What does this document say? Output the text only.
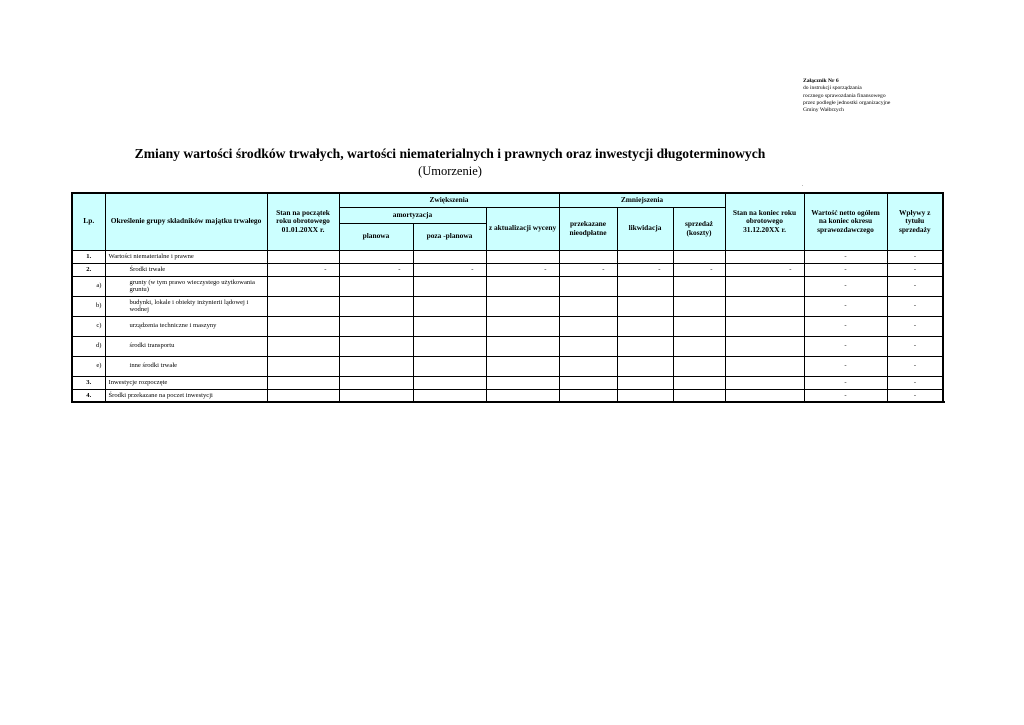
Załącznik Nr 6
do instrukcji sporządzania
rocznego sprawozdania finansowego
przez podległe jednostki organizacyjne
Gminy Wałbrzych
Zmiany wartości środków trwałych, wartości niematerialnych i prawnych oraz inwestycji długoterminowych
(Umorzenie)
'
Lp.	Określenie grupy składników majątku trwałego	Stan na początek roku obrotowego 01.01.20XX r.	Zwiększenia			Zmniejszenia			Stan na koniec roku obrotowego 31.12.20XX r.	Wartość netto ogółem na koniec okresu sprawozdawczego	Wpływy z tytułu sprzedaży	
			amortyzacja		z aktualizacji wyceny	przekazane nieodpłatne	likwidacja	sprzedaż (koszty)				
			planowa	poza -planowa								
1.	Wartości niematerialne i prawne									-	-	
2.	Środki trwałe	-	-	-	-	-	-	-	-	-	-	
a)	grunty (w tym prawo wieczystego użytkowania gruntu)									-	-	
b)	budynki, lokale i obiekty inżynierii lądowej i wodnej									-	-	
c)	urządzenia techniczne i maszyny									-	-	
d)	środki transportu									-	-	
e)	inne środki trwałe									-	-	
3.	Inwestycje rozpoczęte									-	-	
4.	Środki przekazane na poczet inwestycji									-	-	
